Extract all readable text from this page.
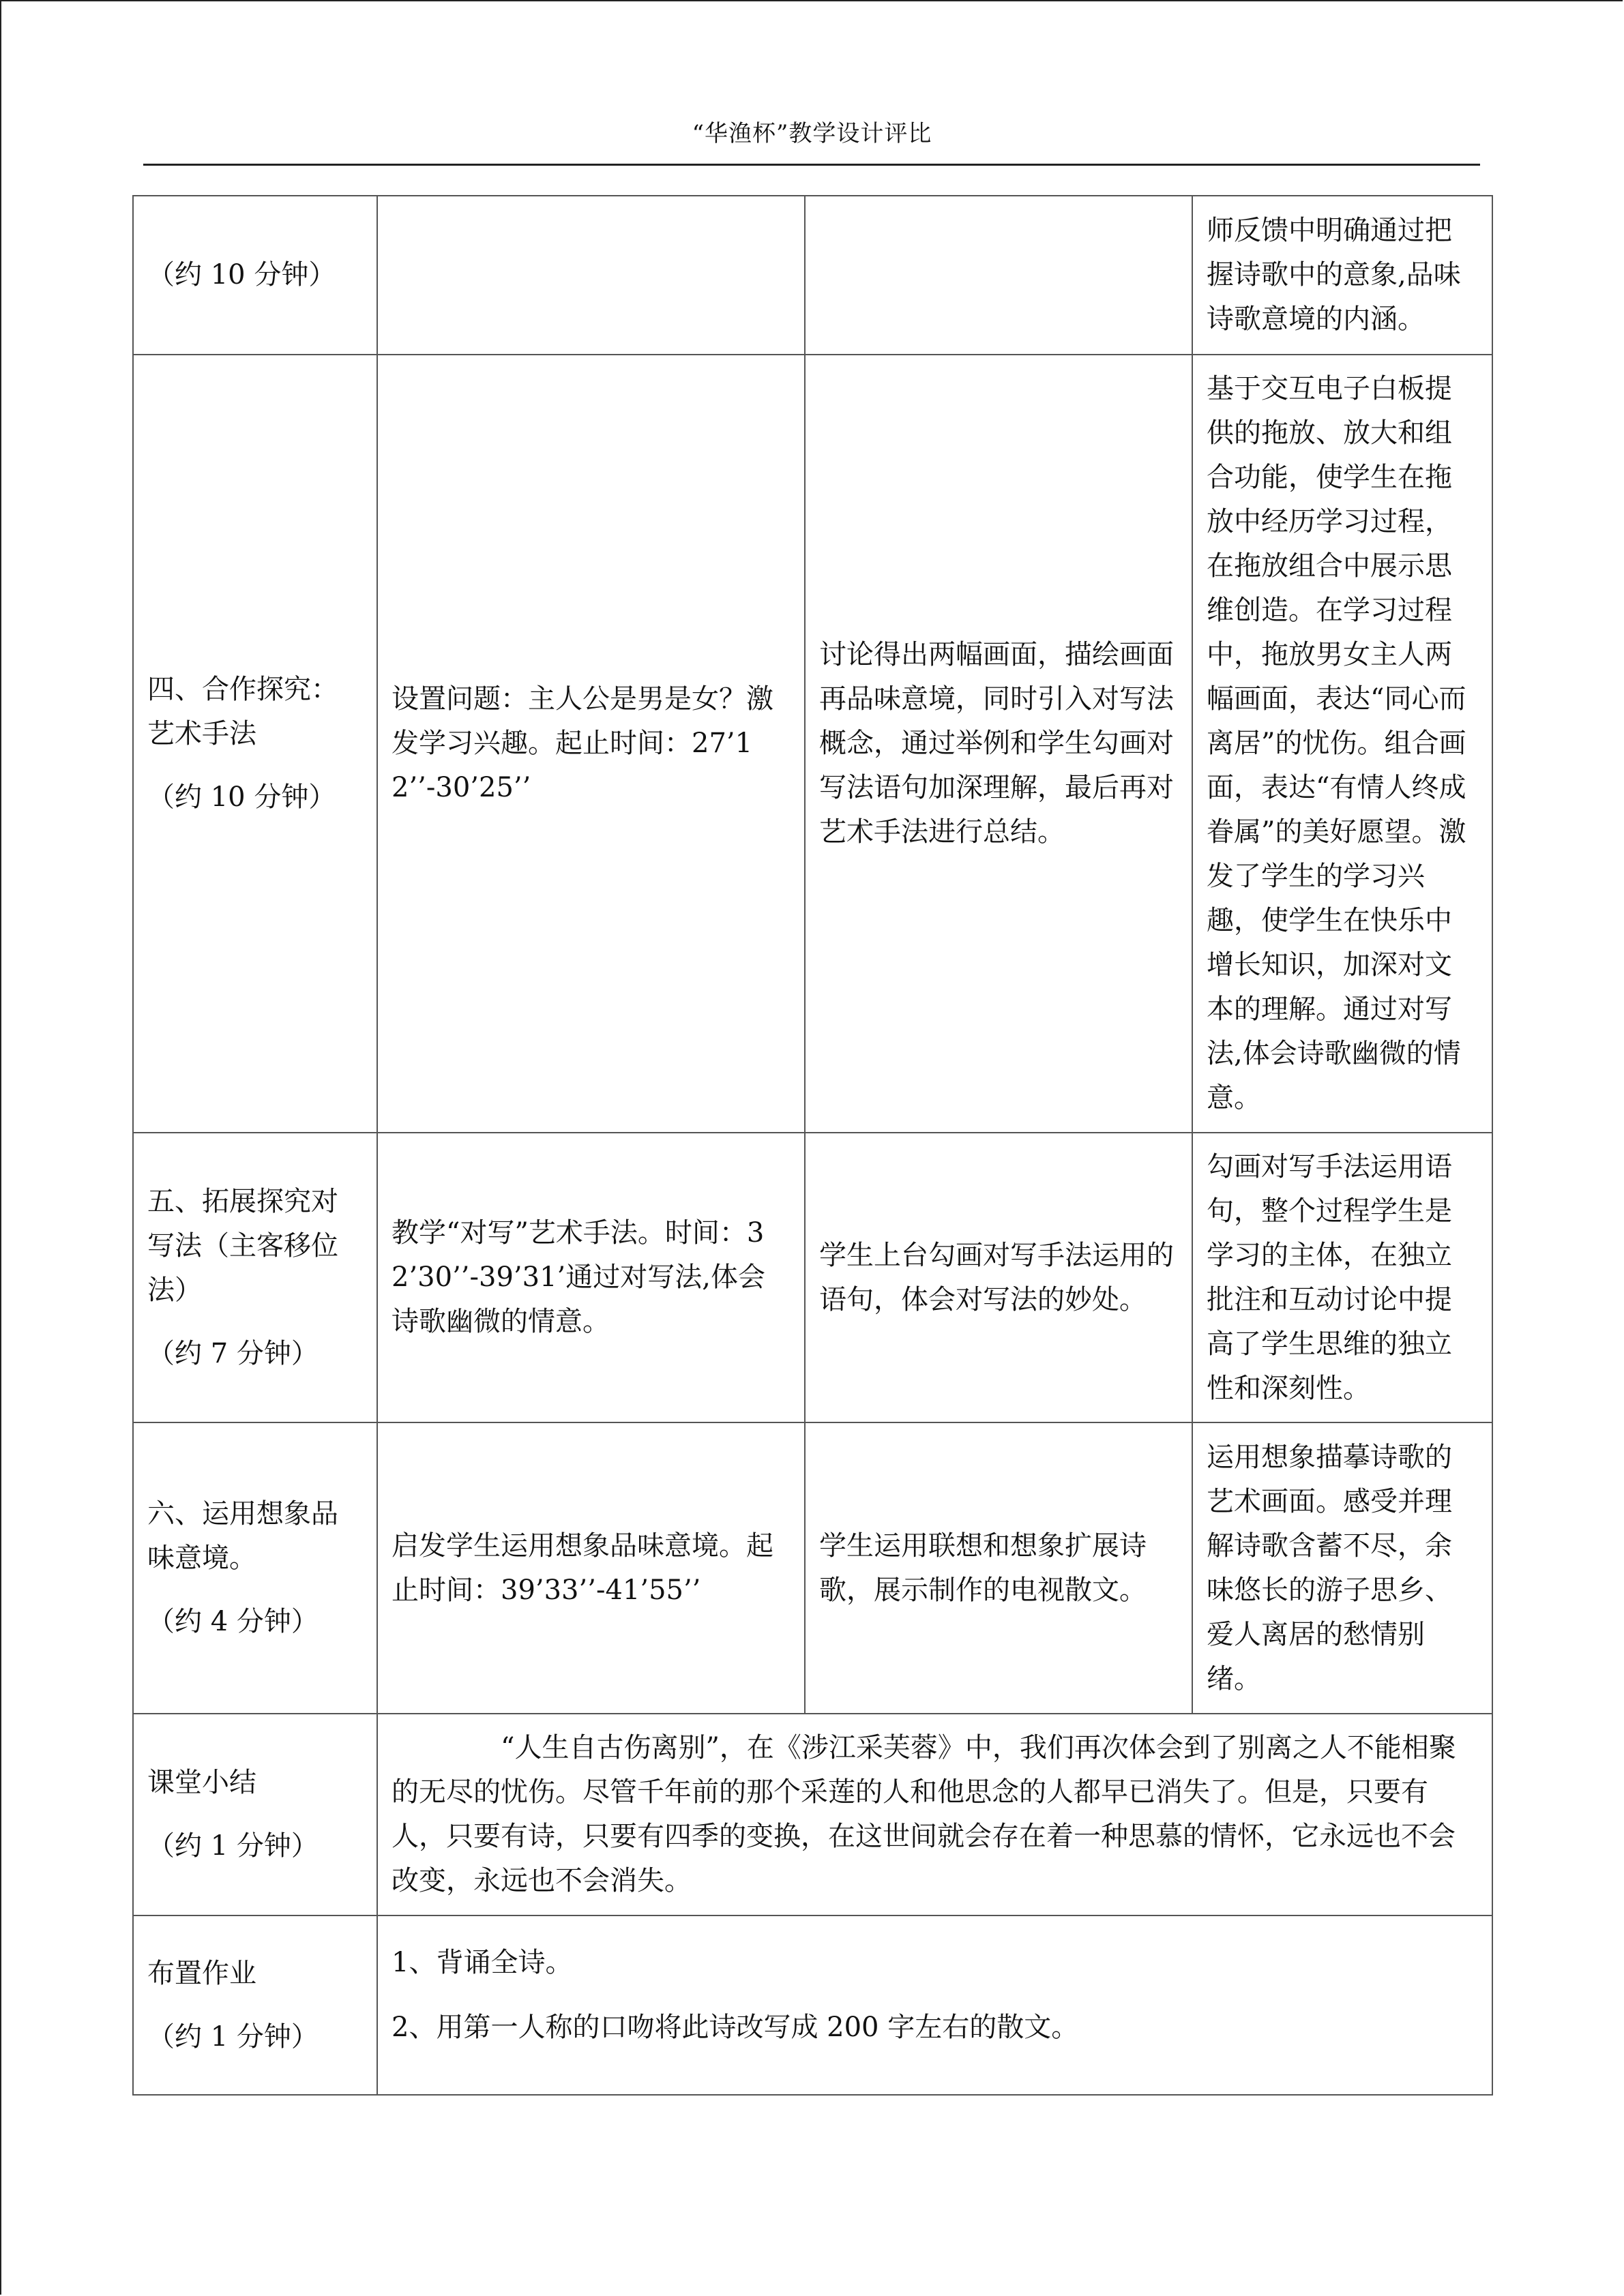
“华渔杯”教学设计评比
（约 10 分钟）			师反馈中明确通过把握诗歌中的意象,品味诗歌意境的内涵。

四、合作探究：
艺术手法
（约 10 分钟）	设置问题：主人公是男是女？激发学习兴趣。起止时间：27’12’’-30’25’’	讨论得出两幅画面，描绘画面再品味意境，同时引入对写法概念，通过举例和学生勾画对写法语句加深理解，最后再对艺术手法进行总结。	基于交互电子白板提供的拖放、放大和组合功能，使学生在拖放中经历学习过程，在拖放组合中展示思维创造。在学习过程中，拖放男女主人两幅画面，表达“同心而离居”的忧伤。组合画面，表达“有情人终成眷属”的美好愿望。激发了学生的学习兴趣，使学生在快乐中增长知识，加深对文本的理解。通过对写法,体会诗歌幽微的情意。

五、拓展探究对写法（主客移位法）
（约 7 分钟）	教学“对写”艺术手法。时间：32’30’’-39’31’通过对写法,体会诗歌幽微的情意。	学生上台勾画对写手法运用的语句，体会对写法的妙处。	勾画对写手法运用语句，整个过程学生是学习的主体，在独立批注和互动讨论中提高了学生思维的独立性和深刻性。

六、运用想象品味意境。
（约 4 分钟）	启发学生运用想象品味意境。起止时间：39’33’’-41’55’’	学生运用联想和想象扩展诗歌，展示制作的电视散文。	运用想象描摹诗歌的艺术画面。感受并理解诗歌含蓄不尽，余味悠长的游子思乡、爱人离居的愁情别绪。

课堂小结
（约 1 分钟）	“人生自古伤离别”，在《涉江采芙蓉》中，我们再次体会到了别离之人不能相聚的无尽的忧伤。尽管千年前的那个采莲的人和他思念的人都早已消失了。但是，只要有人，只要有诗，只要有四季的变换，在这世间就会存在着一种思慕的情怀，它永远也不会改变，永远也不会消失。		

布置作业
（约 1 分钟）	1、背诵全诗。
2、用第一人称的口吻将此诗改写成 200 字左右的散文。		
